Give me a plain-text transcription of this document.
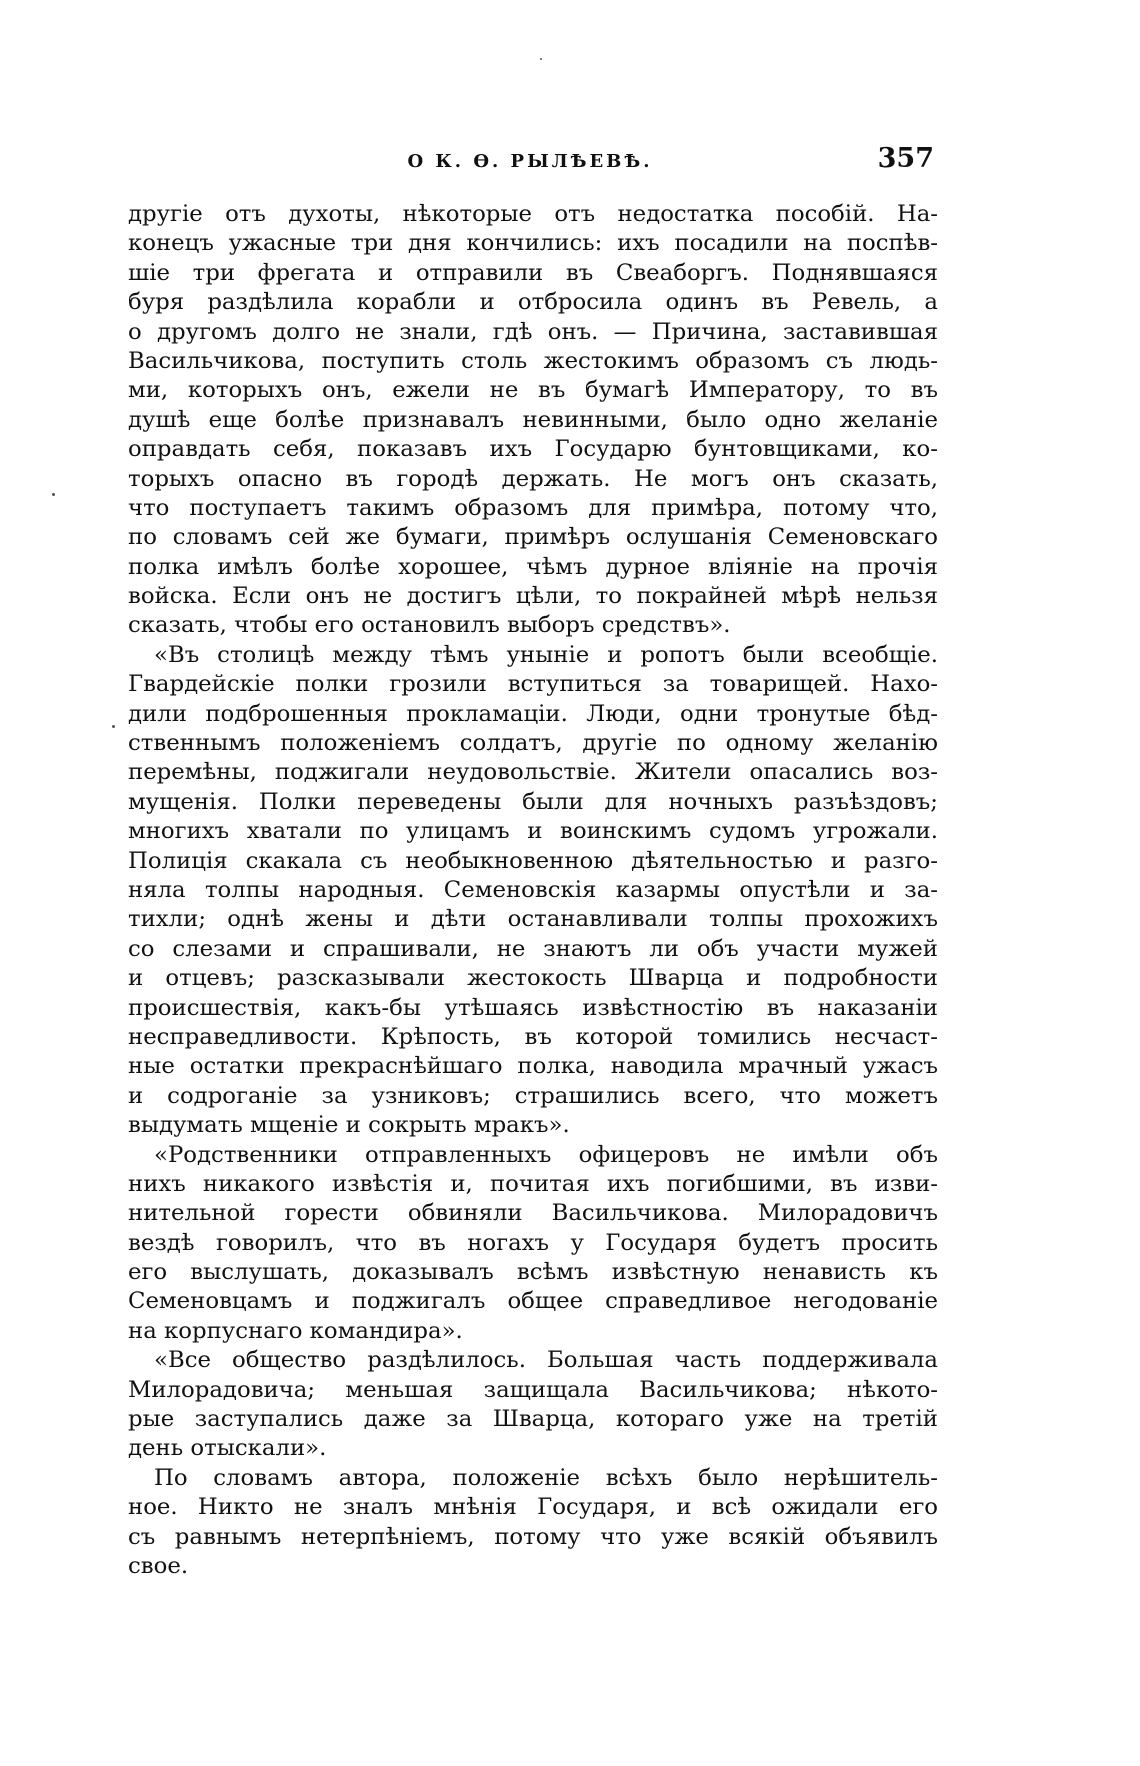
О К. Ѳ. РЫЛѢЕВѢ.	357
другіе отъ духоты, нѣкоторые отъ недостатка пособій. На-
конецъ ужасные три дня кончились: ихъ посадили на поспѣв-
шіе три фрегата и отправили въ Свеаборгъ. Поднявшаяся
буря раздѣлила корабли и отбросила одинъ въ Ревель, а
о другомъ долго не знали, гдѣ онъ. — Причина, заставившая
Васильчикова, поступить столь жестокимъ образомъ съ людь-
ми, которыхъ онъ, ежели не въ бумагѣ Императору, то въ
душѣ еще болѣе признавалъ невинными, было одно желаніе
оправдать себя, показавъ ихъ Государю бунтовщиками, ко-
торыхъ опасно въ городѣ держать. Не могъ онъ сказать,
что поступаетъ такимъ образомъ для примѣра, потому что,
по словамъ сей же бумаги, примѣръ ослушанія Семеновскаго
полка имѣлъ болѣе хорошее, чѣмъ дурное вліяніе на прочія
войска. Если онъ не достигъ цѣли, то покрайней мѣрѣ нельзя
сказать, чтобы его остановилъ выборъ средствъ».
«Въ столицѣ между тѣмъ уныніе и ропотъ были всеобщіе.
Гвардейскіе полки грозили вступиться за товарищей. Нахо-
дили подброшенныя прокламаціи. Люди, одни тронутые бѣд-
ственнымъ положеніемъ солдатъ, другіе по одному желанію
перемѣны, поджигали неудовольствіе. Жители опасались воз-
мущенія. Полки переведены были для ночныхъ разъѣздовъ;
многихъ хватали по улицамъ и воинскимъ судомъ угрожали.
Полиція скакала съ необыкновенною дѣятельностью и разго-
няла толпы народныя. Семеновскія казармы опустѣли и за-
тихли; однѣ жены и дѣти останавливали толпы прохожихъ
со слезами и спрашивали, не знаютъ ли объ участи мужей
и отцевъ; разсказывали жестокость Шварца и подробности
происшествія, какъ-бы утѣшаясь извѣстностію въ наказаніи
несправедливости. Крѣпость, въ которой томились несчаст-
ные остатки прекраснѣйшаго полка, наводила мрачный ужасъ
и содроганіе за узниковъ; страшились всего, что можетъ
выдумать мщеніе и сокрыть мракъ».
«Родственники отправленныхъ офицеровъ не имѣли объ
нихъ никакого извѣстія и, почитая ихъ погибшими, въ изви-
нительной горести обвиняли Васильчикова. Милорадовичъ
вездѣ говорилъ, что въ ногахъ у Государя будетъ просить
его выслушать, доказывалъ всѣмъ извѣстную ненависть къ
Семеновцамъ и поджигалъ общее справедливое негодованіе
на корпуснаго командира».
«Все общество раздѣлилось. Большая часть поддерживала
Милорадовича; меньшая защищала Васильчикова; нѣкото-
рые заступались даже за Шварца, котораго уже на третій
день отыскали».
По словамъ автора, положеніе всѣхъ было нерѣшитель-
ное. Никто не зналъ мнѣнія Государя, и всѣ ожидали его
съ равнымъ нетерпѣніемъ, потому что уже всякій объявилъ
свое.
